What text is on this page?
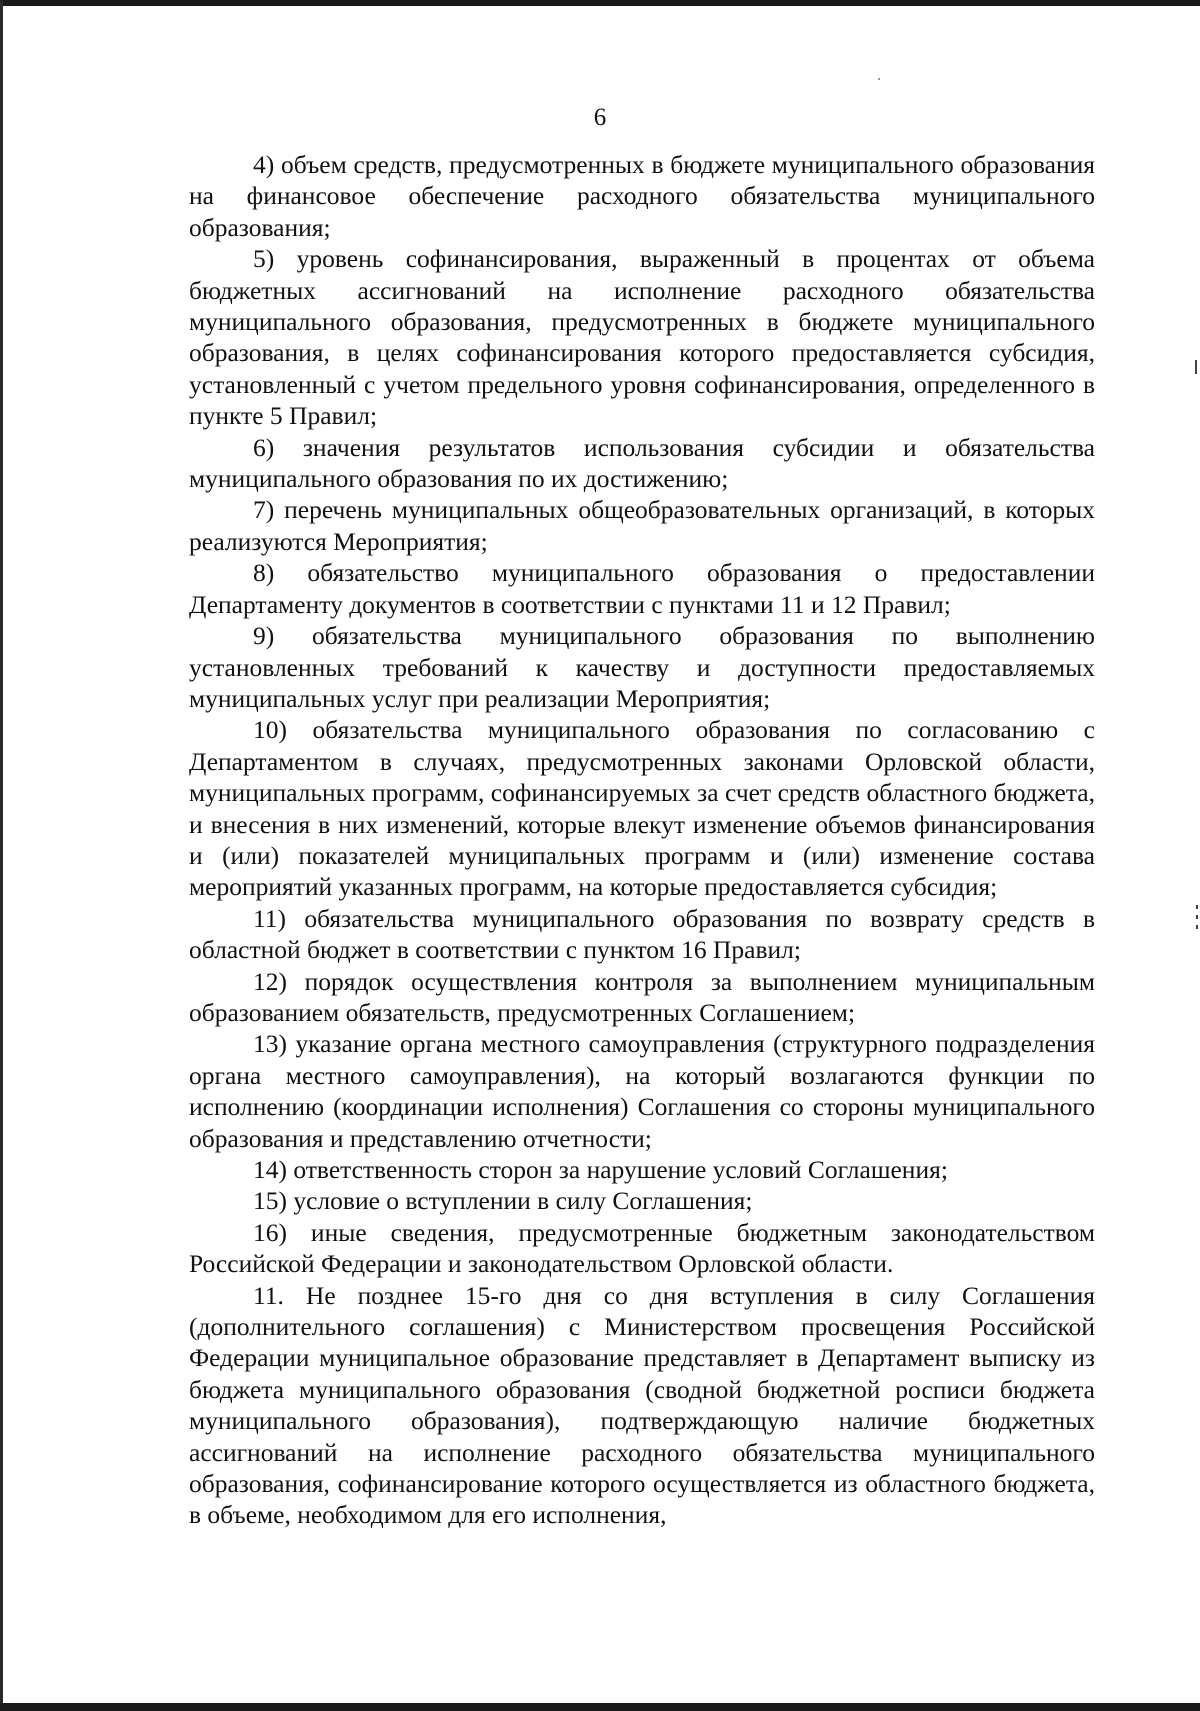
6

4) объем средств, предусмотренных в бюджете муниципального образования на финансовое обеспечение расходного обязательства муниципального образования;

5) уровень софинансирования, выраженный в процентах от объема бюджетных ассигнований на исполнение расходного обязательства муниципального образования, предусмотренных в бюджете муниципального образования, в целях софинансирования которого предоставляется субсидия, установленный с учетом предельного уровня софинансирования, определенного в пункте 5 Правил;

6) значения результатов использования субсидии и обязательства муниципального образования по их достижению;

7) перечень муниципальных общеобразовательных организаций, в которых реализуются Мероприятия;

8) обязательство муниципального образования о предоставлении Департаменту документов в соответствии с пунктами 11 и 12 Правил;

9) обязательства муниципального образования по выполнению установленных требований к качеству и доступности предоставляемых муниципальных услуг при реализации Мероприятия;

10) обязательства муниципального образования по согласованию с Департаментом в случаях, предусмотренных законами Орловской области, муниципальных программ, софинансируемых за счет средств областного бюджета, и внесения в них изменений, которые влекут изменение объемов финансирования и (или) показателей муниципальных программ и (или) изменение состава мероприятий указанных программ, на которые предоставляется субсидия;

11) обязательства муниципального образования по возврату средств в областной бюджет в соответствии с пунктом 16 Правил;

12) порядок осуществления контроля за выполнением муниципальным образованием обязательств, предусмотренных Соглашением;

13) указание органа местного самоуправления (структурного подразделения органа местного самоуправления), на который возлагаются функции по исполнению (координации исполнения) Соглашения со стороны муниципального образования и представлению отчетности;

14) ответственность сторон за нарушение условий Соглашения;

15) условие о вступлении в силу Соглашения;

16) иные сведения, предусмотренные бюджетным законодательством Российской Федерации и законодательством Орловской области.

11. Не позднее 15-го дня со дня вступления в силу Соглашения (дополнительного соглашения) с Министерством просвещения Российской Федерации муниципальное образование представляет в Департамент выписку из бюджета муниципального образования (сводной бюджетной росписи бюджета муниципального образования), подтверждающую наличие бюджетных ассигнований на исполнение расходного обязательства муниципального образования, софинансирование которого осуществляется из областного бюджета, в объеме, необходимом для его исполнения,
